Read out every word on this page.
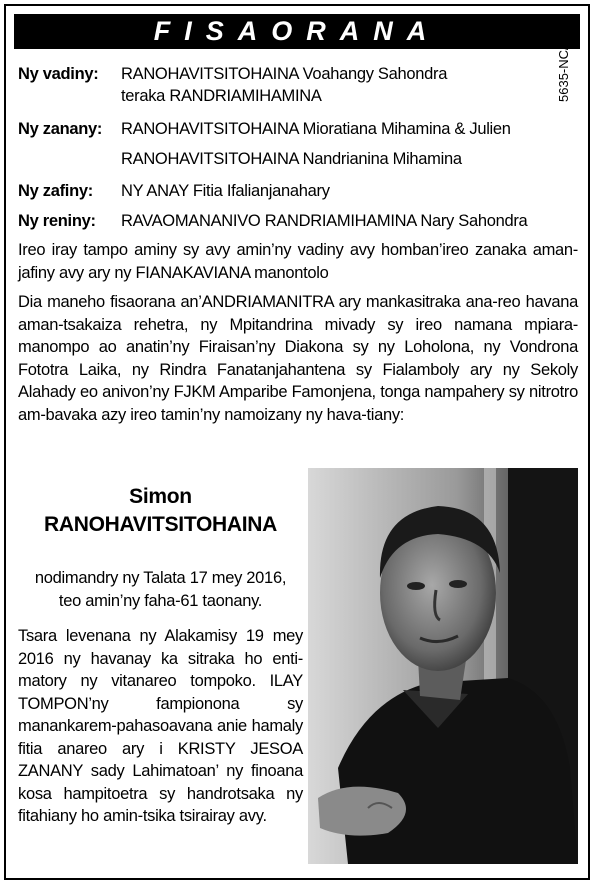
FISAORANA	5635-NC/1-1
Ny vadiny: RANOHAVITSITOHAINA Voahangy Sahondra
teraka RANDRIAMIHAMINA
Ny zanany: RANOHAVITSITOHAINA Mioratiana Mihamina & Julien
RANOHAVITSITOHAINA Nandrianina Mihamina
Ny zafiny: NY ANAY Fitia Ifalianjanahary
Ny reniny: RAVAOMANANIVO RANDRIAMIHAMINA Nary Sahondra
Ireo iray tampo aminy sy avy amin’ny vadiny avy homban’ireo zanaka aman-jafiny avy ary ny FIANAKAVIANA manontolo
Dia maneho fisaorana an’ANDRIAMANITRA ary mankasitraka ana-reo havana aman-tsakaiza rehetra, ny Mpitandrina mivady sy ireo namana mpiara-manompo ao anatin’ny Firaisan’ny Diakona sy ny Loholona, ny Vondrona Fototra Laika, ny Rindra Fanatanjahantena sy Fialamboly ary ny Sekoly Alahady eo anivon’ny FJKM Amparibe Famonjena, tonga nampahery sy nitrotro am-bavaka azy ireo tamin’ny namoizany ny hava-tiany:
Simon
RANOHAVITSITOHAINA
nodimandry ny Talata 17 mey 2016,
teo amin’ny faha-61 taonany.
Tsara levenana ny Alakamisy 19 mey 2016 ny havanay ka sitraka ho enti-matory ny vitanareo tompoko. ILAY TOMPON’ny fampionona sy manankarem-pahasoavana anie hamaly fitia anareo ary i KRISTY JESOA ZANANY sady Lahimatoan’ ny finoana kosa hampitoetra sy handrotsaka ny fitahiany ho amin-tsika tsirairay avy.
